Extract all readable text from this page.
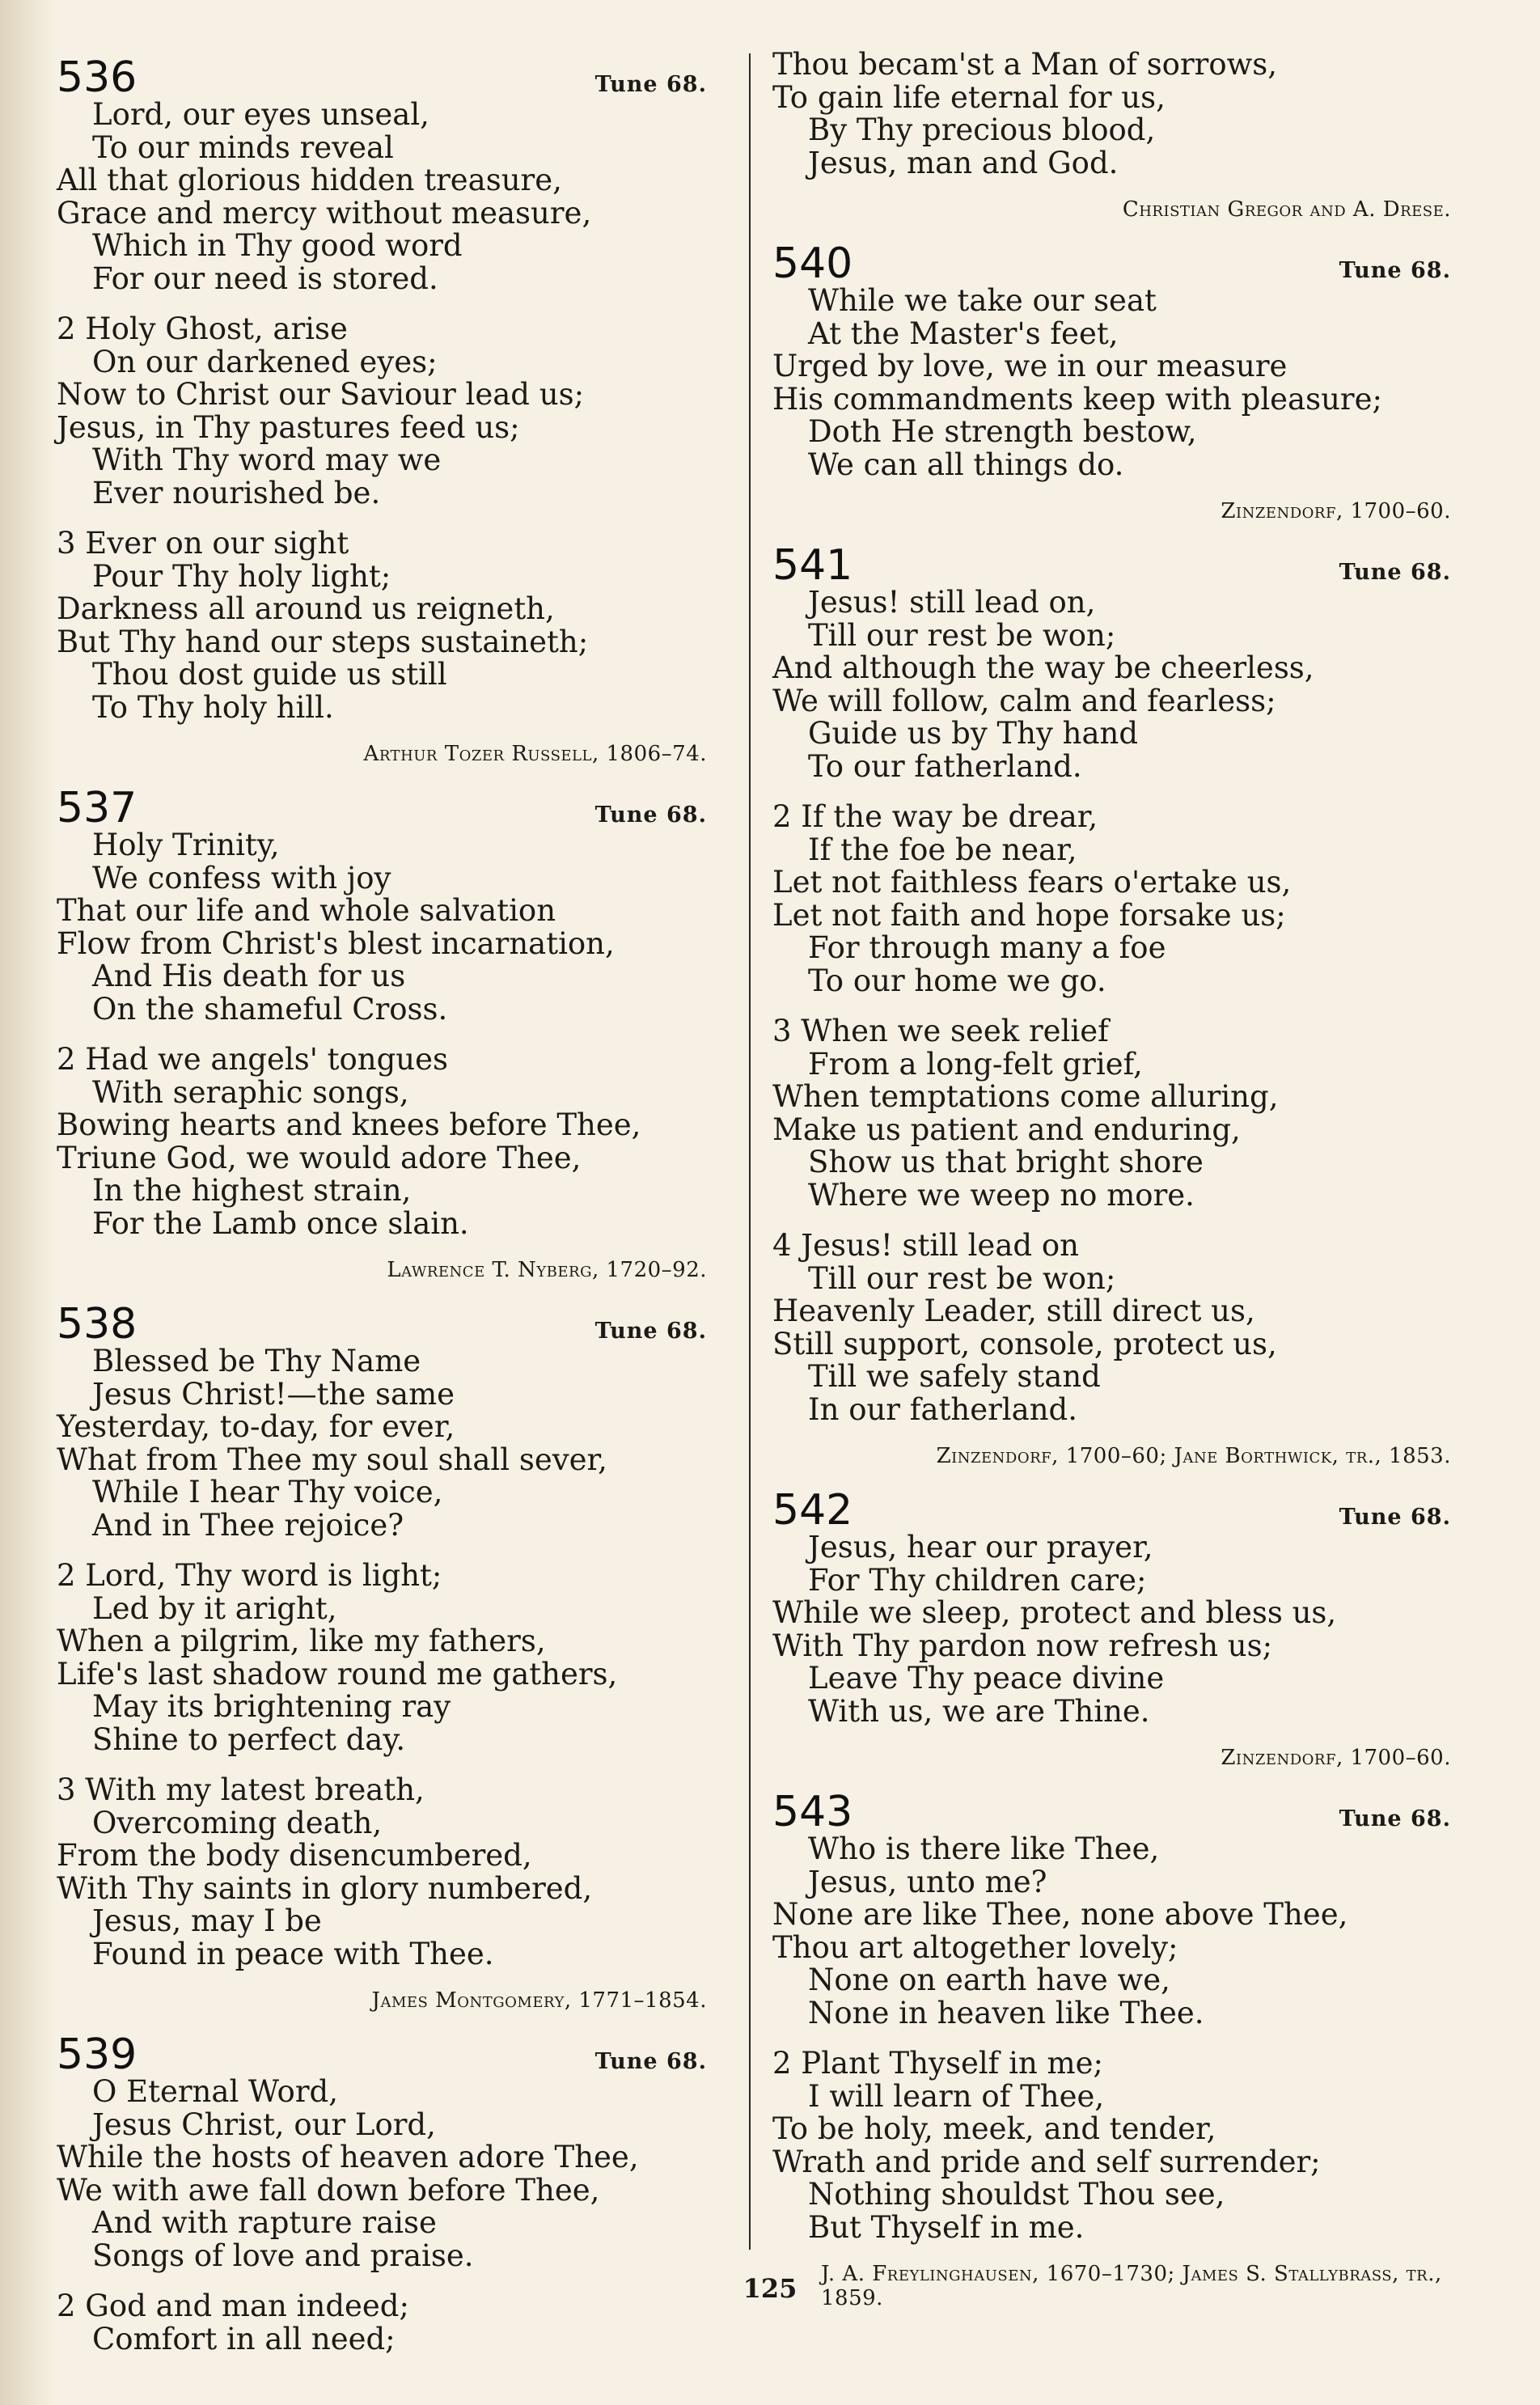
536	Tune 68.
Lord, our eyes unseal,
To our minds reveal
All that glorious hidden treasure,
Grace and mercy without measure,
Which in Thy good word
For our need is stored.
2 Holy Ghost, arise
On our darkened eyes;
Now to Christ our Saviour lead us;
Jesus, in Thy pastures feed us;
With Thy word may we
Ever nourished be.
3 Ever on our sight
Pour Thy holy light;
Darkness all around us reigneth,
But Thy hand our steps sustaineth;
Thou dost guide us still
To Thy holy hill.
Arthur Tozer Russell, 1806–74.
537	Tune 68.
Holy Trinity,
We confess with joy
That our life and whole salvation
Flow from Christ's blest incarnation,
And His death for us
On the shameful Cross.
2 Had we angels' tongues
With seraphic songs,
Bowing hearts and knees before Thee,
Triune God, we would adore Thee,
In the highest strain,
For the Lamb once slain.
Lawrence T. Nyberg, 1720–92.
538	Tune 68.
Blessed be Thy Name
Jesus Christ!—the same
Yesterday, to-day, for ever,
What from Thee my soul shall sever,
While I hear Thy voice,
And in Thee rejoice?
2 Lord, Thy word is light;
Led by it aright,
When a pilgrim, like my fathers,
Life's last shadow round me gathers,
May its brightening ray
Shine to perfect day.
3 With my latest breath,
Overcoming death,
From the body disencumbered,
With Thy saints in glory numbered,
Jesus, may I be
Found in peace with Thee.
James Montgomery, 1771–1854.
539	Tune 68.
O Eternal Word,
Jesus Christ, our Lord,
While the hosts of heaven adore Thee,
We with awe fall down before Thee,
And with rapture raise
Songs of love and praise.
2 God and man indeed;
Comfort in all need;
Thou becam'st a Man of sorrows,
To gain life eternal for us,
By Thy precious blood,
Jesus, man and God.
Christian Gregor and A. Drese.
540	Tune 68.
While we take our seat
At the Master's feet,
Urged by love, we in our measure
His commandments keep with pleasure;
Doth He strength bestow,
We can all things do.
Zinzendorf, 1700–60.
541	Tune 68.
Jesus! still lead on,
Till our rest be won;
And although the way be cheerless,
We will follow, calm and fearless;
Guide us by Thy hand
To our fatherland.
2 If the way be drear,
If the foe be near,
Let not faithless fears o'ertake us,
Let not faith and hope forsake us;
For through many a foe
To our home we go.
3 When we seek relief
From a long-felt grief,
When temptations come alluring,
Make us patient and enduring,
Show us that bright shore
Where we weep no more.
4 Jesus! still lead on
Till our rest be won;
Heavenly Leader, still direct us,
Still support, console, protect us,
Till we safely stand
In our fatherland.
Zinzendorf, 1700–60; Jane Borthwick, tr., 1853.
542	Tune 68.
Jesus, hear our prayer,
For Thy children care;
While we sleep, protect and bless us,
With Thy pardon now refresh us;
Leave Thy peace divine
With us, we are Thine.
Zinzendorf, 1700–60.
543	Tune 68.
Who is there like Thee,
Jesus, unto me?
None are like Thee, none above Thee,
Thou art altogether lovely;
None on earth have we,
None in heaven like Thee.
2 Plant Thyself in me;
I will learn of Thee,
To be holy, meek, and tender,
Wrath and pride and self surrender;
Nothing shouldst Thou see,
But Thyself in me.
J. A. Freylinghausen, 1670–1730; James S. Stallybrass, tr., 1859.
125
